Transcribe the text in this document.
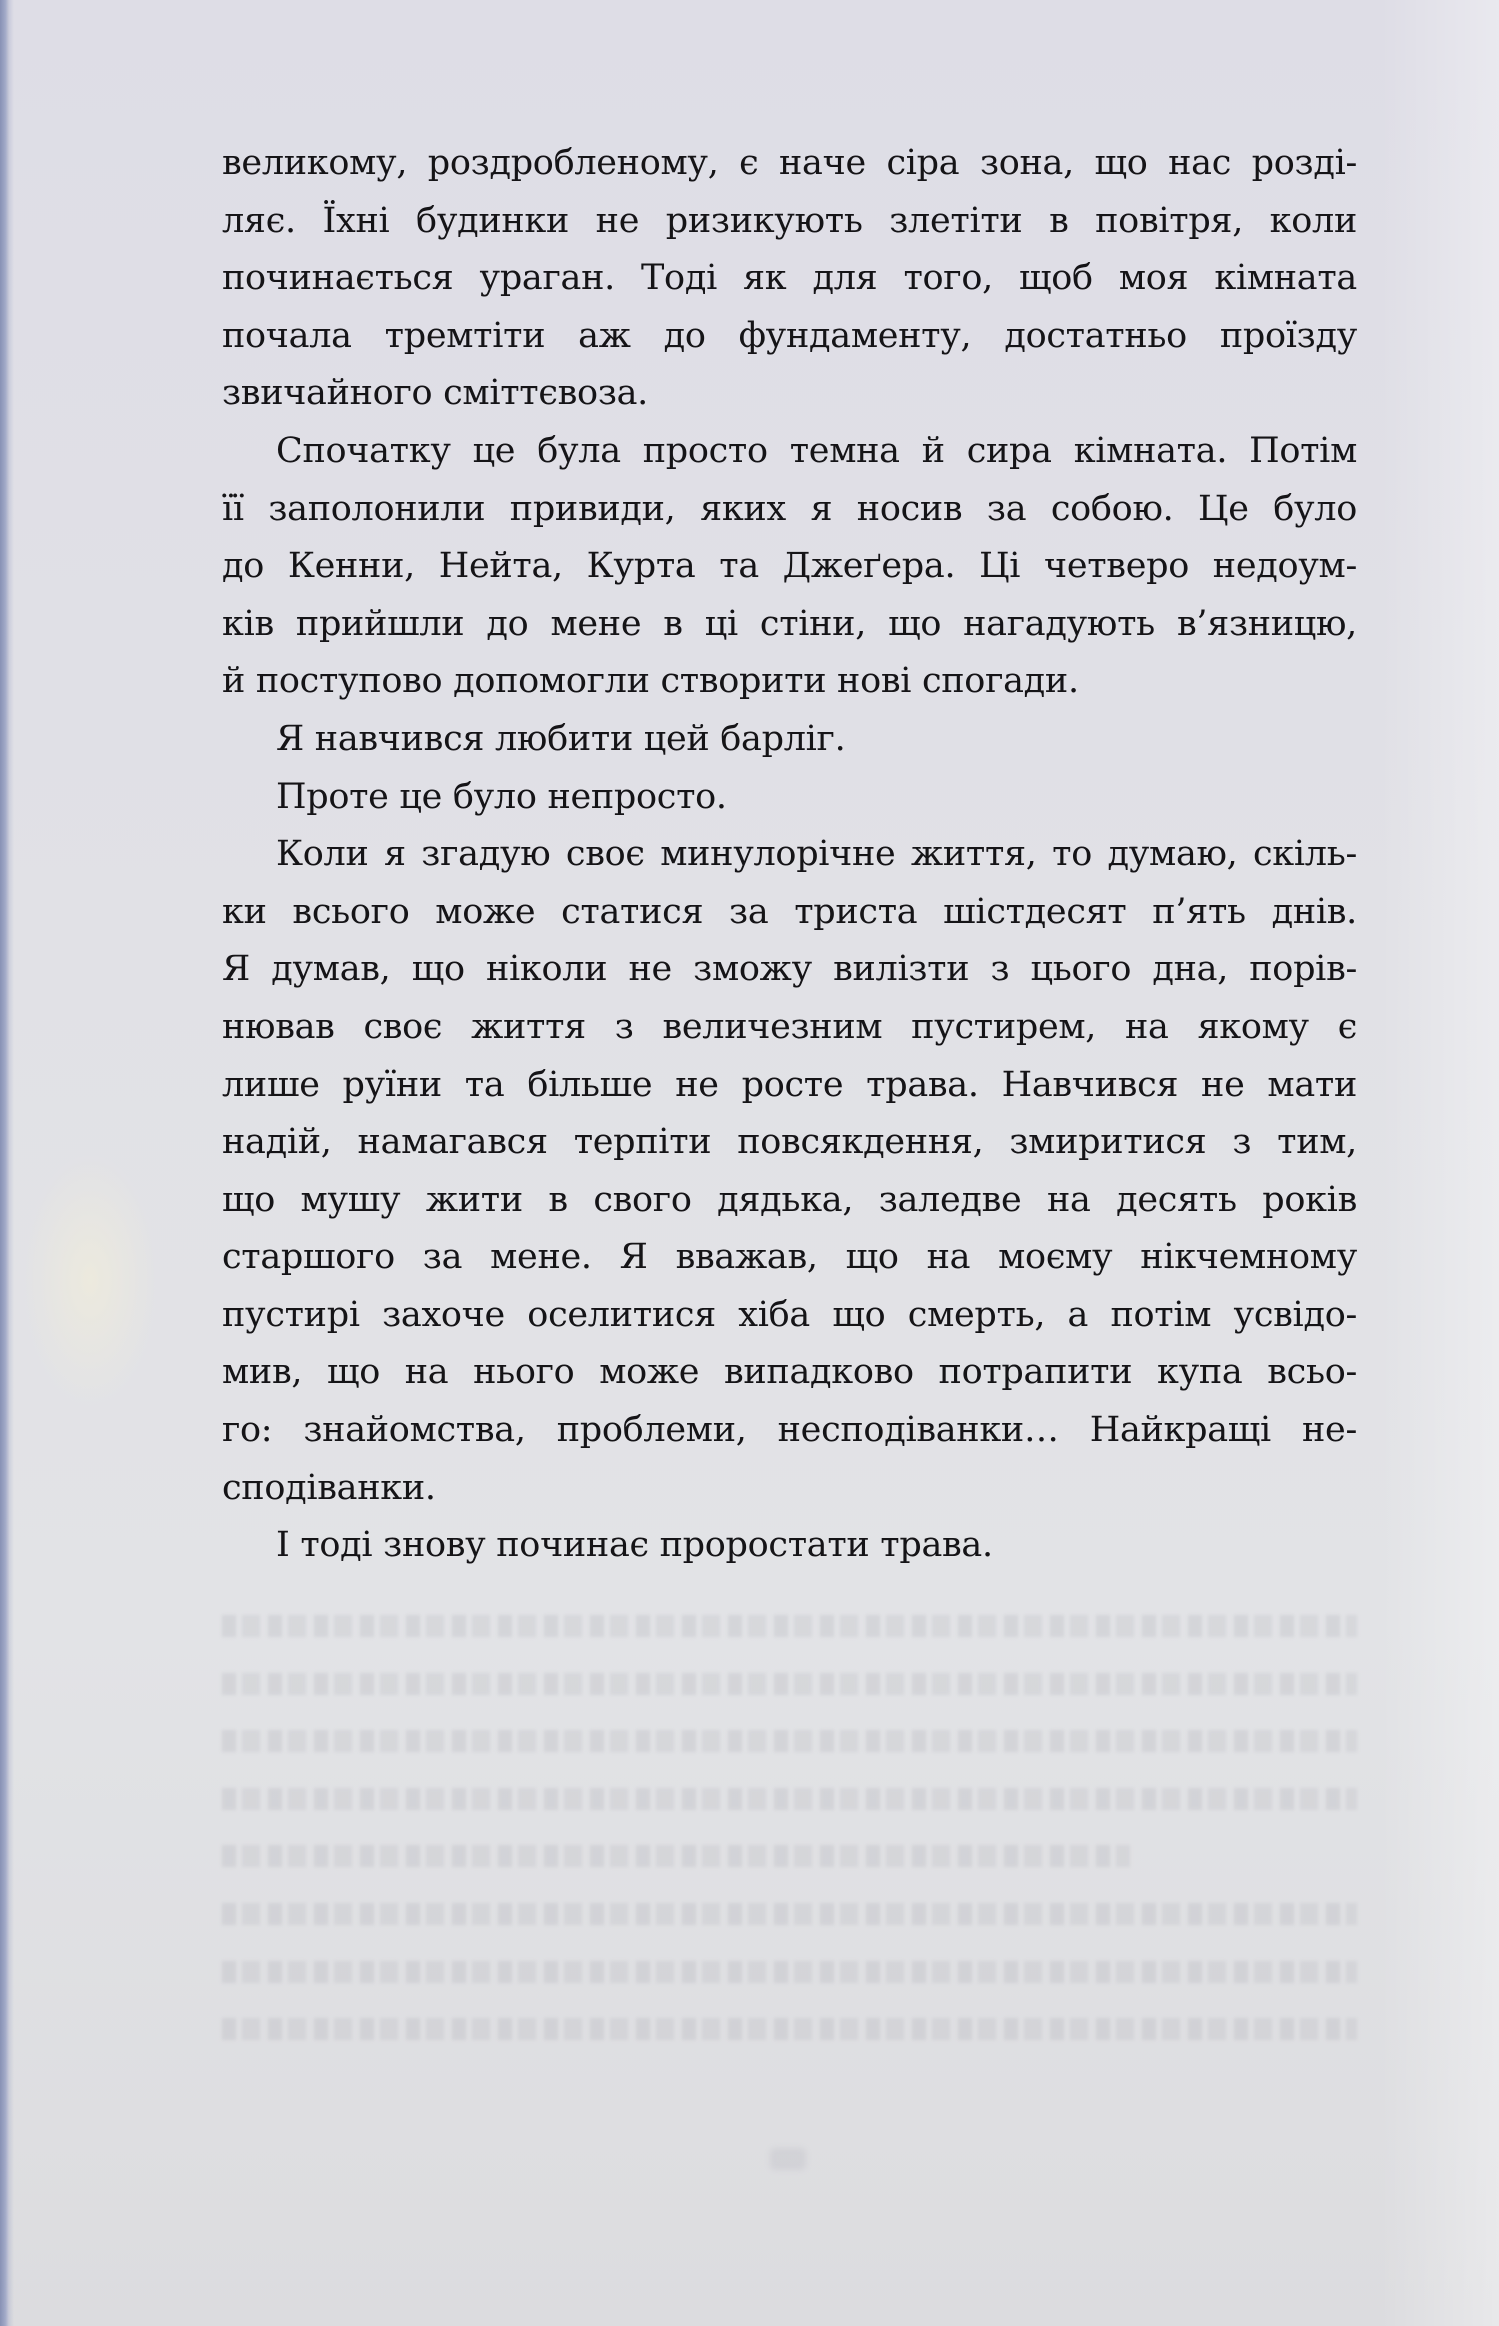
великому, роздробленому, є наче сіра зона, що нас розді-
ляє. Їхні будинки не ризикують злетіти в повітря, коли
починається ураган. Тоді як для того, щоб моя кімната
почала тремтіти аж до фундаменту, достатньо проїзду
звичайного сміттєвоза.
Спочатку це була просто темна й сира кімната. Потім
її заполонили привиди, яких я носив за собою. Це було
до Кенни, Нейта, Курта та Джеґера. Ці четверо недоум-
ків прийшли до мене в ці стіни, що нагадують в’язницю,
й поступово допомогли створити нові спогади.
Я навчився любити цей барліг.
Проте це було непросто.
Коли я згадую своє минулорічне життя, то думаю, скіль-
ки всього може статися за триста шістдесят п’ять днів.
Я думав, що ніколи не зможу вилізти з цього дна, порів-
нював своє життя з величезним пустирем, на якому є
лише руїни та більше не росте трава. Навчився не мати
надій, намагався терпіти повсякдення, змиритися з тим,
що мушу жити в свого дядька, заледве на десять років
старшого за мене. Я вважав, що на моєму нікчемному
пустирі захоче оселитися хіба що смерть, а потім усвідо-
мив, що на нього може випадково потрапити купа всьо-
го: знайомства, проблеми, несподіванки… Найкращі не-
сподіванки.
І тоді знову починає проростати трава.
